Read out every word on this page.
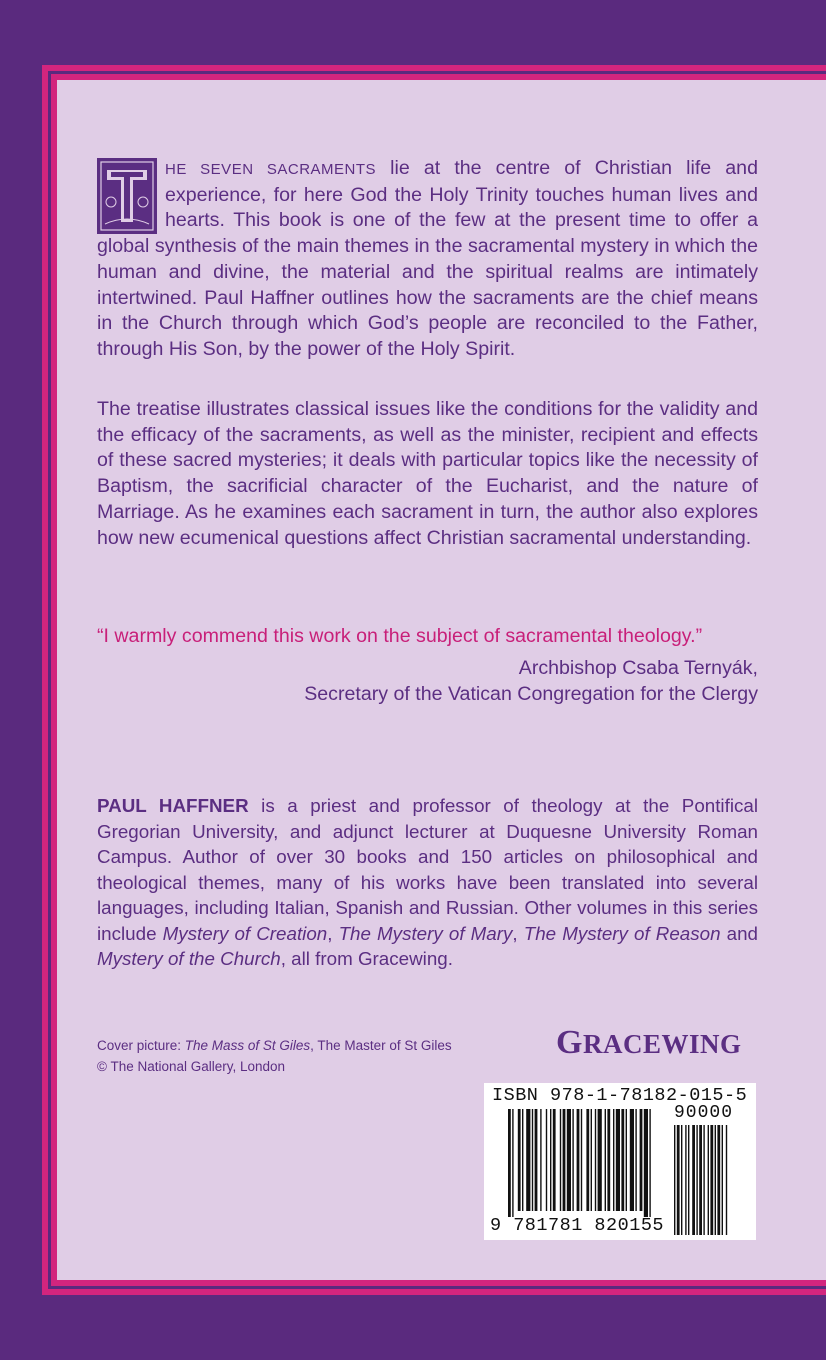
HE SEVEN SACRAMENTS lie at the centre of Christian life and experience, for here God the Holy Trinity touches human lives and hearts. This book is one of the few at the present time to offer a global synthesis of the main themes in the sacramental mystery in which the human and divine, the material and the spiritual realms are intimately intertwined. Paul Haffner outlines how the sacraments are the chief means in the Church through which God’s people are reconciled to the Father, through His Son, by the power of the Holy Spirit.
The treatise illustrates classical issues like the conditions for the validity and the efficacy of the sacraments, as well as the minister, recipient and effects of these sacred mysteries; it deals with particular topics like the necessity of Baptism, the sacrificial character of the Eucharist, and the nature of Marriage. As he examines each sacrament in turn, the author also explores how new ecumenical questions affect Christian sacramental understanding.
“I warmly commend this work on the subject of sacramental theology.”
Archbishop Csaba Ternyák,
Secretary of the Vatican Congregation for the Clergy
PAUL HAFFNER is a priest and professor of theology at the Pontifical Gregorian University, and adjunct lecturer at Duquesne University Roman Campus. Author of over 30 books and 150 articles on philosophical and theological themes, many of his works have been translated into several languages, including Italian, Spanish and Russian. Other volumes in this series include Mystery of Creation, The Mystery of Mary, The Mystery of Reason and Mystery of the Church, all from Gracewing.
Cover picture: The Mass of St Giles, The Master of St Giles
© The National Gallery, London
GRACEWING
ISBN 978-1-78182-015-5
90000
9 781781 820155
